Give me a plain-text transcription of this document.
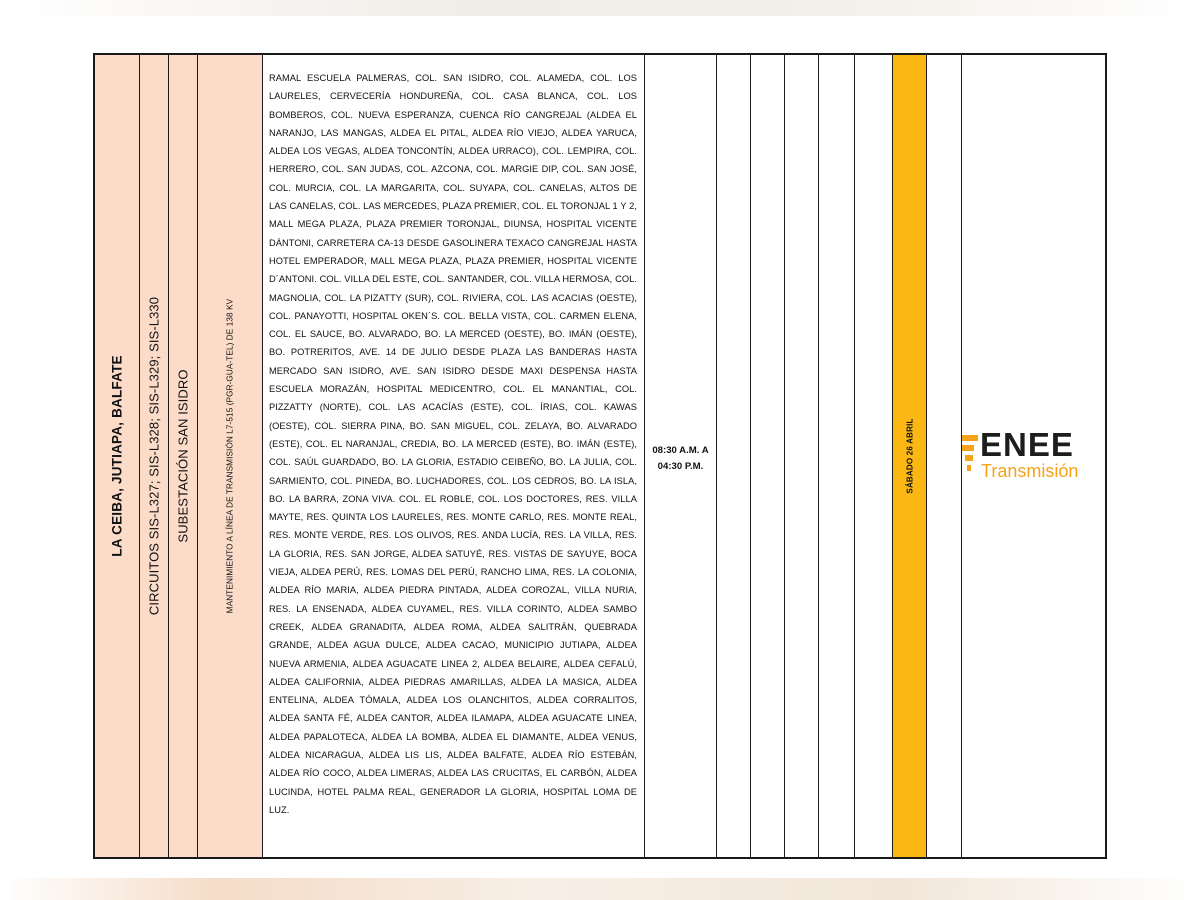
LA CEIBA, JUTIAPA, BALFATE CIRCUITOS SIS-L327; SIS-L328; SIS-L329; SIS-L330 SUBESTACIÓN SAN ISIDRO	MANTENIMIENTO A LÍNEA DE TRANSMISIÓN L7-515 (PGR-GUA-TEL) DE 138 KV
RAMAL ESCUELA PALMERAS, COL. SAN ISIDRO, COL. ALAMEDA, COL. LOS LAURELES, CERVECERÍA HONDUREÑA, COL. CASA BLANCA, COL. LOS BOMBEROS, COL. NUEVA ESPERANZA, CUENCA RÍO CANGREJAL (ALDEA EL NARANJO, LAS MANGAS, ALDEA EL PITAL, ALDEA RÍO VIEJO, ALDEA YARUCA, ALDEA LOS VEGAS, ALDEA TONCONTÍN, ALDEA URRACO), COL. LEMPIRA, COL. HERRERO, COL. SAN JUDAS, COL. AZCONA, COL. MARGIE DIP, COL. SAN JOSÉ, COL. MURCIA, COL. LA MARGARITA, COL. SUYAPA, COL. CANELAS, ALTOS DE LAS CANELAS, COL. LAS MERCEDES, PLAZA PREMIER, COL. EL TORONJAL 1 Y 2, MALL MEGA PLAZA, PLAZA PREMIER TORONJAL, DIUNSA, HOSPITAL VICENTE DÁNTONI, CARRETERA CA-13 DESDE GASOLINERA TEXACO CANGREJAL HASTA HOTEL EMPERADOR, MALL MEGA PLAZA, PLAZA PREMIER, HOSPITAL VICENTE D´ANTONI. COL. VILLA DEL ESTE, COL. SANTANDER, COL. VILLA HERMOSA, COL. MAGNOLIA, COL. LA PIZATTY (SUR), COL. RIVIERA, COL. LAS ACACIAS (OESTE), COL. PANAYOTTI, HOSPITAL OKEN´S. COL. BELLA VISTA, COL. CARMEN ELENA, COL. EL SAUCE, BO. ALVARADO, BO. LA MERCED (OESTE), BO. IMÁN (OESTE), BO. POTRERITOS, AVE. 14 DE JULIO DESDE PLAZA LAS BANDERAS HASTA MERCADO SAN ISIDRO, AVE. SAN ISIDRO DESDE MAXI DESPENSA HASTA ESCUELA MORAZÁN, HOSPITAL MEDICENTRO, COL. EL MANANTIAL, COL. PIZZATTY (NORTE), COL. LAS ACACÍAS (ESTE), COL. ÍRIAS, COL. KAWAS (OESTE), COL. SIERRA PINA, BO. SAN MIGUEL, COL. ZELAYA, BO. ALVARADO (ESTE), COL. EL NARANJAL, CREDIA, BO. LA MERCED (ESTE), BO. IMÁN (ESTE), COL. SAÚL GUARDADO, BO. LA GLORIA, ESTADIO CEIBEÑO, BO. LA JULIA, COL. SARMIENTO, COL. PINEDA, BO. LUCHADORES, COL. LOS CEDROS, BO. LA ISLA, BO. LA BARRA, ZONA VIVA. COL. EL ROBLE, COL. LOS DOCTORES, RES. VILLA MAYTE, RES. QUINTA LOS LAURELES, RES. MONTE CARLO, RES. MONTE REAL, RES. MONTE VERDE, RES. LOS OLIVOS, RES. ANDA LUCÍA, RES. LA VILLA, RES. LA GLORIA, RES. SAN JORGE, ALDEA SATUYÉ, RES. VISTAS DE SAYUYE, BOCA VIEJA, ALDEA PERÚ, RES. LOMAS DEL PERÚ, RANCHO LIMA, RES. LA COLONIA, ALDEA RÍO MARIA, ALDEA PIEDRA PINTADA, ALDEA COROZAL, VILLA NURIA, RES. LA ENSENADA, ALDEA CUYAMEL, RES. VILLA CORINTO, ALDEA SAMBO CREEK, ALDEA GRANADITA, ALDEA ROMA, ALDEA SALITRÁN, QUEBRADA GRANDE, ALDEA AGUA DULCE, ALDEA CACAO, MUNICIPIO JUTIAPA, ALDEA NUEVA ARMENIA, ALDEA AGUACATE LINEA 2, ALDEA BELAIRE, ALDEA CEFALÚ, ALDEA CALIFORNIA, ALDEA PIEDRAS AMARILLAS, ALDEA LA MASICA, ALDEA ENTELINA, ALDEA TÓMALA, ALDEA LOS OLANCHITOS, ALDEA CORRALITOS, ALDEA SANTA FÉ, ALDEA CANTOR, ALDEA ILAMAPA, ALDEA AGUACATE LINEA, ALDEA PAPALOTECA, ALDEA LA BOMBA, ALDEA EL DIAMANTE, ALDEA VENUS, ALDEA NICARAGUA, ALDEA LIS LIS, ALDEA BALFATE, ALDEA RÍO ESTEBÁN, ALDEA RÍO COCO, ALDEA LIMERAS, ALDEA LAS CRUCITAS, EL CARBÓN, ALDEA LUCINDA, HOTEL PALMA REAL, GENERADOR LA GLORIA, HOSPITAL LOMA DE LUZ.
08:30 A.M. A
04:30 P.M.	SÁBADO 26 ABRIL ENEE
Transmisión
